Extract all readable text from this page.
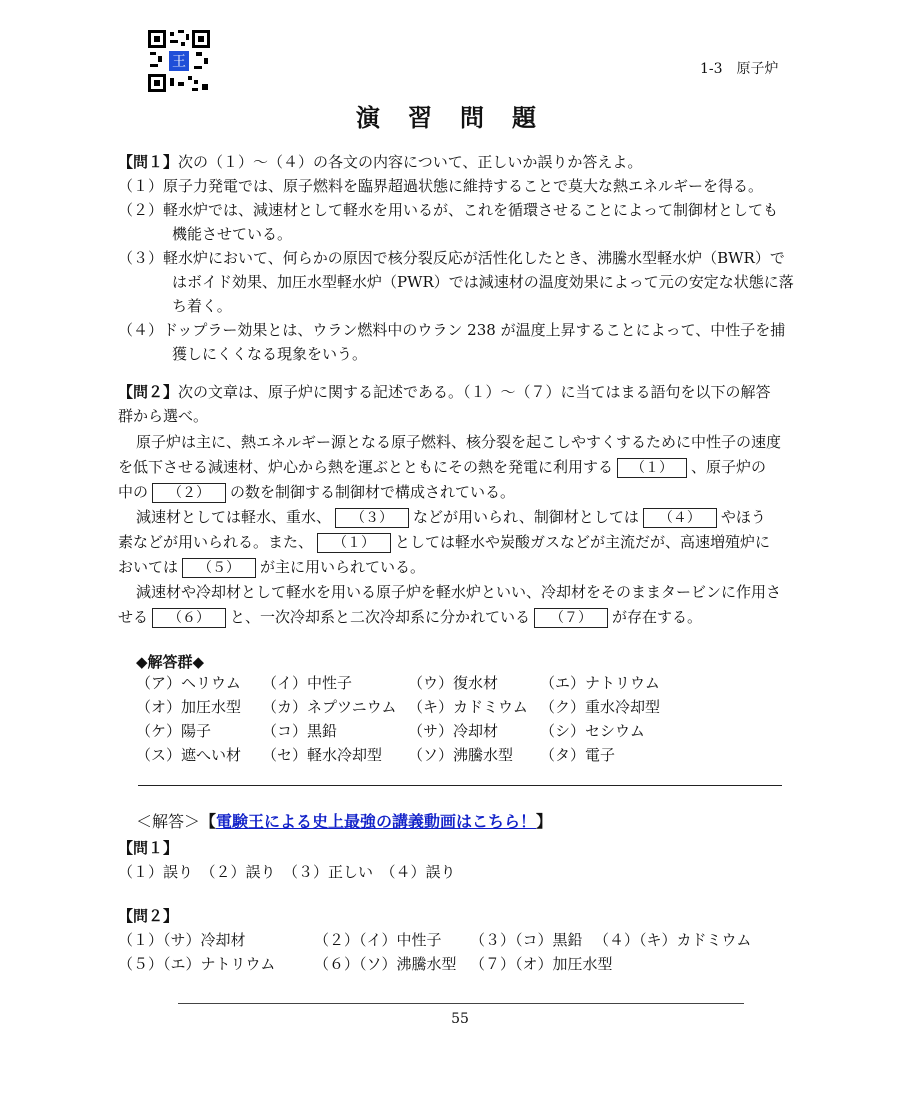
王	1-3　原子炉
演習問題
【問１】次の（１）～（４）の各文の内容について、正しいか誤りか答えよ。
（１）原子力発電では、原子燃料を臨界超過状態に維持することで莫大な熱エネルギーを得る。
（２）軽水炉では、減速材として軽水を用いるが、これを循環させることによって制御材としても
機能させている。
（３）軽水炉において、何らかの原因で核分裂反応が活性化したとき、沸騰水型軽水炉（BWR）で
はボイド効果、加圧水型軽水炉（PWR）では減速材の温度効果によって元の安定な状態に落
ち着く。
（４）ドップラー効果とは、ウラン燃料中のウラン 238 が温度上昇することによって、中性子を捕
獲しにくくなる現象をいう。
【問２】次の文章は、原子炉に関する記述である。（１）～（７）に当てはまる語句を以下の解答
群から選べ。
原子炉は主に、熱エネルギー源となる原子燃料、核分裂を起こしやすくするために中性子の速度
を低下させる減速材、炉心から熱を運ぶとともにその熱を発電に利用する （１） 、原子炉の
中の （２） の数を制御する制御材で構成されている。
減速材としては軽水、重水、 （３） などが用いられ、制御材としては （４） やほう
素などが用いられる。また、 （１） としては軽水や炭酸ガスなどが主流だが、高速増殖炉に
おいては （５） が主に用いられている。
減速材や冷却材として軽水を用いる原子炉を軽水炉といい、冷却材をそのままタービンに作用さ
せる （６） と、一次冷却系と二次冷却系に分かれている （７） が存在する。
◆解答群◆
（ア）ヘリウム （イ）中性子	（ウ）復水材	（エ）ナトリウム
（オ）加圧水型 （カ）ネプツニウム （キ）カドミウム （ク）重水冷却型
（ケ）陽子	（コ）黒鉛	（サ）冷却材	（シ）セシウム
（ス）遮へい材 （セ）軽水冷却型 （ソ）沸騰水型 （タ）電子
＜解答＞【電験王による史上最強の講義動画はこちら！】
【問１】
（１）誤り　（２）誤り　（３）正しい　（４）誤り
【問２】
（１）（サ）冷却材	（２）（イ）中性子 （３）（コ）黒鉛 （４）（キ）カドミウム
（５）（エ）ナトリウム	（６）（ソ）沸騰水型 （７）（オ）加圧水型
55
